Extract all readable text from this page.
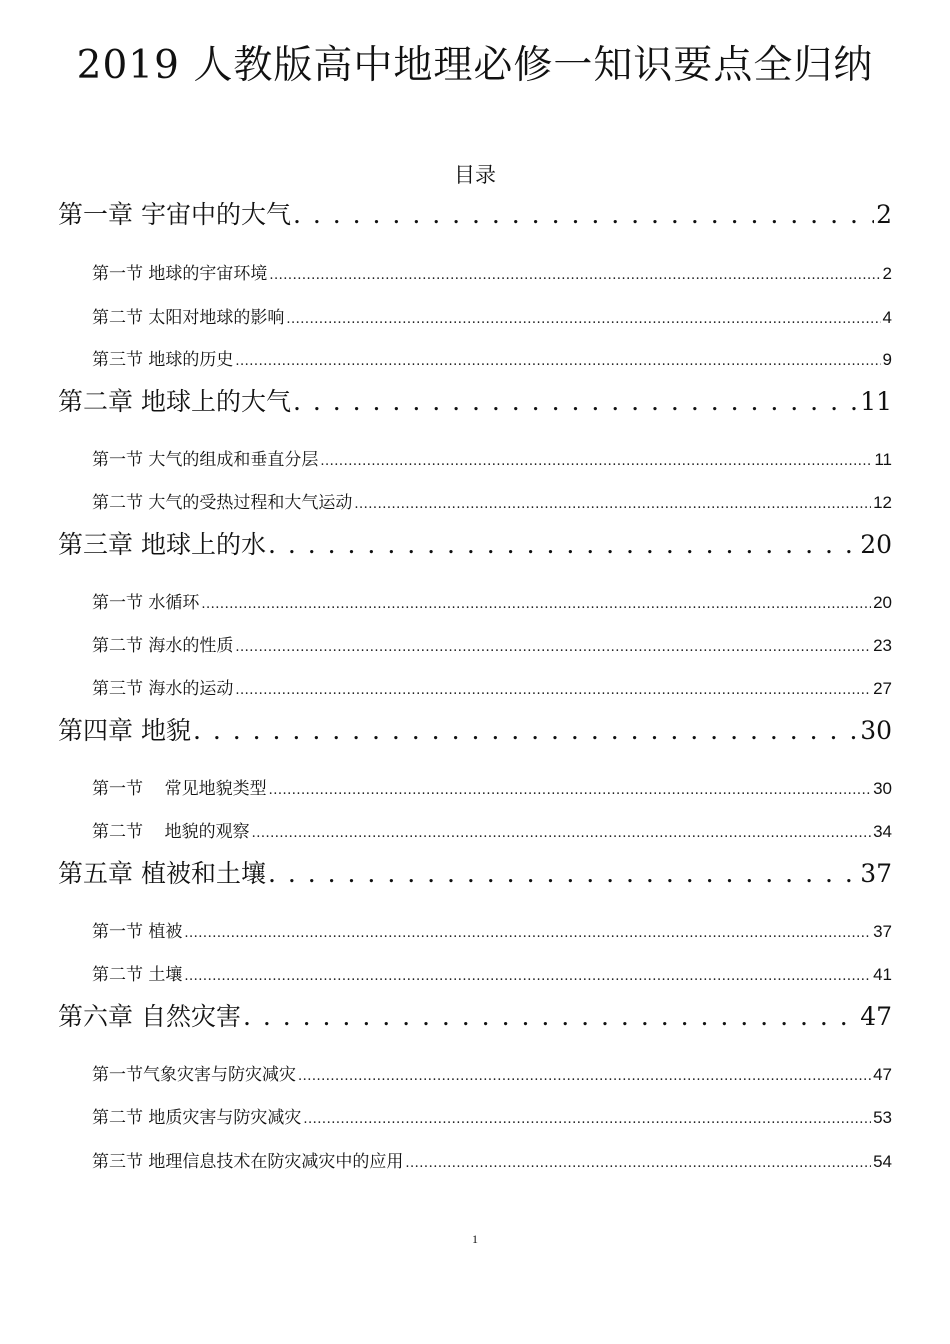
2019 人教版高中地理必修一知识要点全归纳
目录
第一章 宇宙中的大气 . . .	2
第一节 地球的宇宙环境 .....	2
第二节 太阳对地球的影响 .....	4
第三节 地球的历史 .....	9
第二章 地球上的大气 . . .	11
第一节 大气的组成和垂直分层 .....	11
第二节 大气的受热过程和大气运动 .....	12
第三章 地球上的水 . . .	20
第一节 水循环 .....	20
第二节 海水的性质 .....	23
第三节 海水的运动 .....	27
第四章 地貌 . . .	30
第一节    常见地貌类型 .....	30
第二节    地貌的观察 .....	34
第五章 植被和土壤 . . .	37
第一节 植被 .....	37
第二节 土壤 .....	41
第六章 自然灾害 . . .	47
第一节气象灾害与防灾减灾 .....	47
第二节 地质灾害与防灾减灾 .....	53
第三节 地理信息技术在防灾减灾中的应用 .....	54
1
